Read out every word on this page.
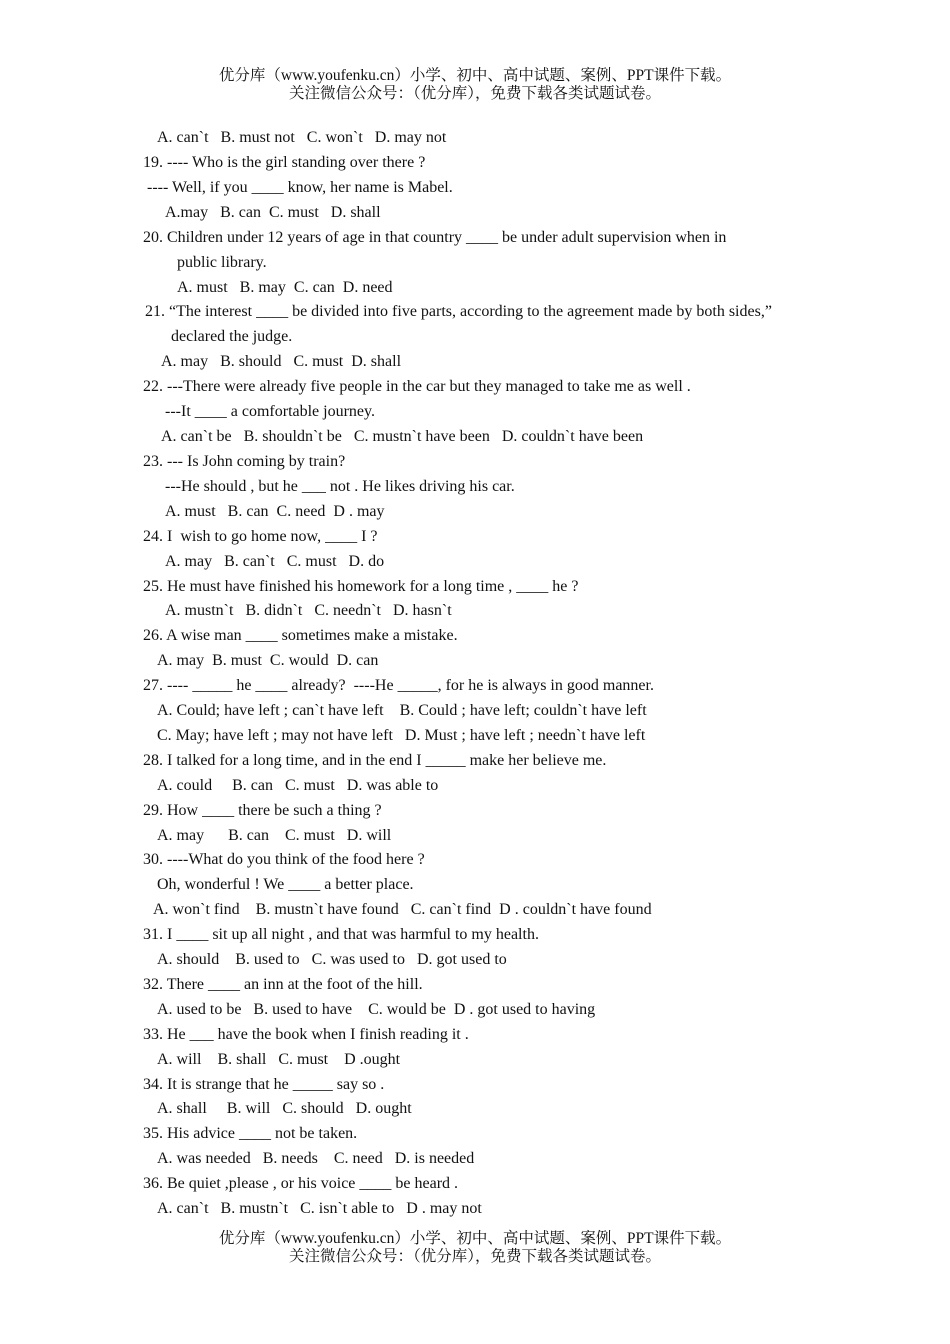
优分库（www.youfenku.cn）小学、初中、高中试题、案例、PPT课件下载。
关注微信公众号：（优分库），免费下载各类试题试卷。
A. can`t   B. must not   C. won`t   D. may not
19. ---- Who is the girl standing over there ?
---- Well, if you ____ know, her name is Mabel.
A.may   B. can  C. must   D. shall
20. Children under 12 years of age in that country ____ be under adult supervision when in
public library.
A. must   B. may  C. can  D. need
21. “The interest ____ be divided into five parts, according to the agreement made by both sides,”
declared the judge.
A. may   B. should   C. must  D. shall
22. ---There were already five people in the car but they managed to take me as well .
---It ____ a comfortable journey.
A. can`t be   B. shouldn`t be   C. mustn`t have been   D. couldn`t have been
23. --- Is John coming by train?
---He should , but he ___ not . He likes driving his car.
A. must   B. can  C. need  D . may
24. I  wish to go home now, ____ I ?
A. may   B. can`t   C. must   D. do
25. He must have finished his homework for a long time , ____ he ?
A. mustn`t   B. didn`t   C. needn`t   D. hasn`t
26. A wise man ____ sometimes make a mistake.
A. may  B. must  C. would  D. can
27. ---- _____ he ____ already?  ----He _____, for he is always in good manner.
A. Could; have left ; can`t have left    B. Could ; have left; couldn`t have left
C. May; have left ; may not have left   D. Must ; have left ; needn`t have left
28. I talked for a long time, and in the end I _____ make her believe me.
A. could     B. can   C. must   D. was able to
29. How ____ there be such a thing ?
A. may      B. can    C. must   D. will
30. ----What do you think of the food here ?
Oh, wonderful ! We ____ a better place.
A. won`t find    B. mustn`t have found   C. can`t find  D . couldn`t have found
31. I ____ sit up all night , and that was harmful to my health.
A. should    B. used to   C. was used to   D. got used to
32. There ____ an inn at the foot of the hill.
A. used to be   B. used to have    C. would be  D . got used to having
33. He ___ have the book when I finish reading it .
A. will    B. shall   C. must    D .ought
34. It is strange that he _____ say so .
A. shall     B. will   C. should   D. ought
35. His advice ____ not be taken.
A. was needed   B. needs    C. need   D. is needed
36. Be quiet ,please , or his voice ____ be heard .
A. can`t   B. mustn`t   C. isn`t able to   D . may not
优分库（www.youfenku.cn）小学、初中、高中试题、案例、PPT课件下载。
关注微信公众号：（优分库），免费下载各类试题试卷。
